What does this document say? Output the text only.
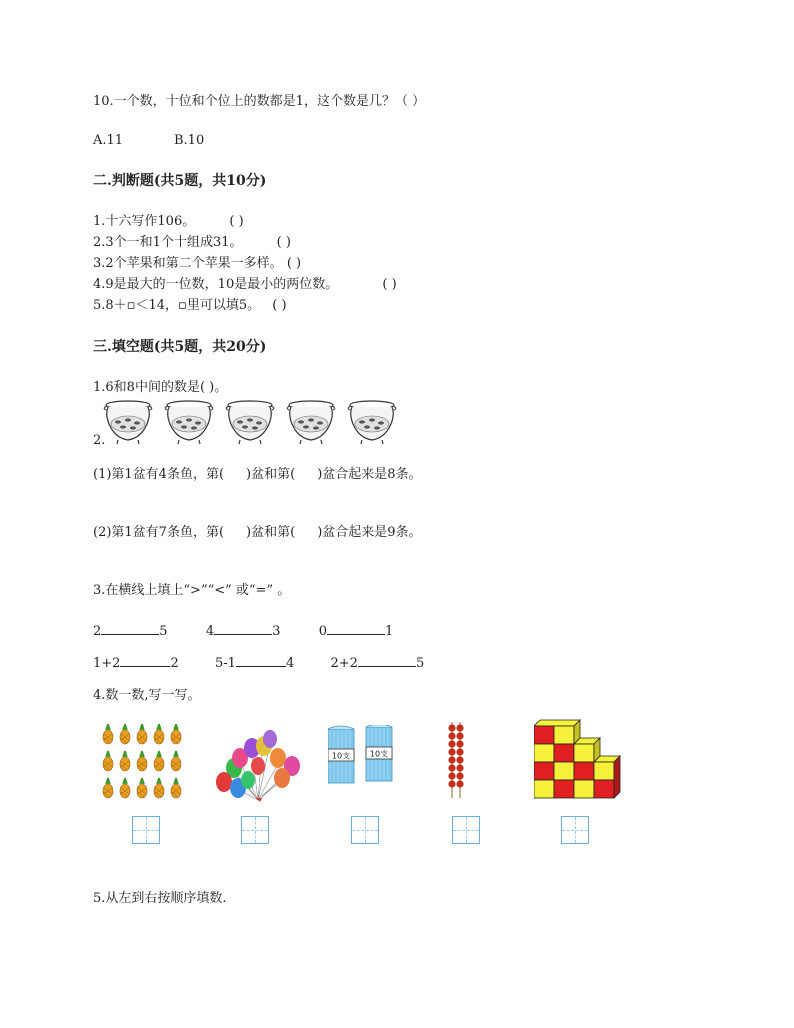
10.一个数，十位和个位上的数都是1，这个数是几？（ ）
A.11	B.10
二.判断题(共5题，共10分)
1.十六写作106。	( )
2.3个一和1个十组成31。	( )
3.2个苹果和第二个苹果一多样。 ( )
4.9是最大的一位数，10是最小的两位数。	( )
5.8＋▫＜14，▫里可以填5。 ( )
三.填空题(共5题，共20分)
1.6和8中间的数是( )。
2.
(1)第1盆有4条鱼，第( )盆和第( )盆合起来是8条。
(2)第1盆有7条鱼，第( )盆和第( )盆合起来是9条。
3.在横线上填上“>”“<” 或“=” 。
2	5	4	3	0	1
1+2	2	5-1	4	2+2	5
4.数一数,写一写。
10支 10支
5.从左到右按顺序填数.
